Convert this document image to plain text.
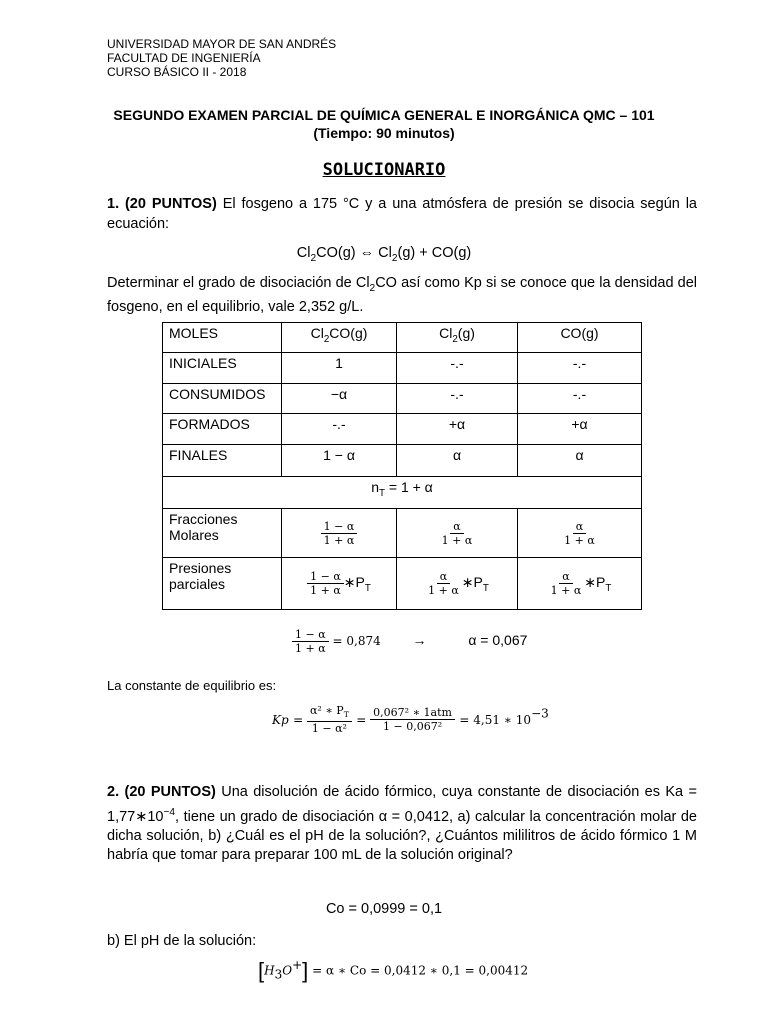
UNIVERSIDAD MAYOR DE SAN ANDRÉS
FACULTAD DE INGENIERÍA
CURSO BÁSICO II - 2018
SEGUNDO EXAMEN PARCIAL DE QUÍMICA GENERAL E INORGÁNICA QMC – 101
(Tiempo: 90 minutos)
SOLUCIONARIO
1. (20 PUNTOS) El fosgeno a 175 °C y a una atmósfera de presión se disocia según la ecuación:
$Cl_2CO(g)$ ⇔ $Cl_2(g) + CO(g)$
Determinar el grado de disociación de $Cl_2CO$ así como Kp si se conoce que la densidad del fosgeno, en el equilibrio, vale 2,352 g/L.
MOLES	$Cl_2CO(g)$	$Cl_2(g)$	CO(g)
INICIALES	1	-.-	-.-
CONSUMIDOS	−α	-.-	-.-
FORMADOS	-.-	+α	+α
FINALES	1 − α	α	α
$n_T = 1 + \alpha$			
Fracciones
Molares	$\frac{1 - \alpha}{1 + \alpha}$	$\frac{\alpha}{1 + \alpha}$	$\frac{\alpha}{1 + \alpha}$

Presiones
parciales	$\frac{1 - \alpha}{1 + \alpha}$ $∗P_T$	$\frac{\alpha}{1 + \alpha}$ $∗P_T$	$\frac{\alpha}{1 + \alpha}$ $∗P_T$
$\frac{1 - \alpha}{1 + \alpha} = 0,874$ →	α = 0,067
La constante de equilibrio es:
$Kp = \frac{\alpha^2 ∗ P_T}{\text{1 − α²}} = \frac{\text{0,067² ∗ 1atm}}{\text{1 − 0,067²}} = 4,51$ ∗ $10^{-3}$
2. (20 PUNTOS) Una disolución de ácido fórmico, cuya constante de disociación es $Ka = 1,77∗10^{-4}$, tiene un grado de disociación α = 0,0412, a) calcular la concentración molar de dicha solución, b) ¿Cuál es el pH de la solución?, ¿Cuántos mililitros de ácido fórmico 1 M habría que tomar para preparar 100 mL de la solución original?
Co = 0,0999 = 0,1
b) El pH de la solución:
$[H_3O^+] = \alpha$ ∗ Co = 0,0412 ∗ 0,1 = 0,00412
